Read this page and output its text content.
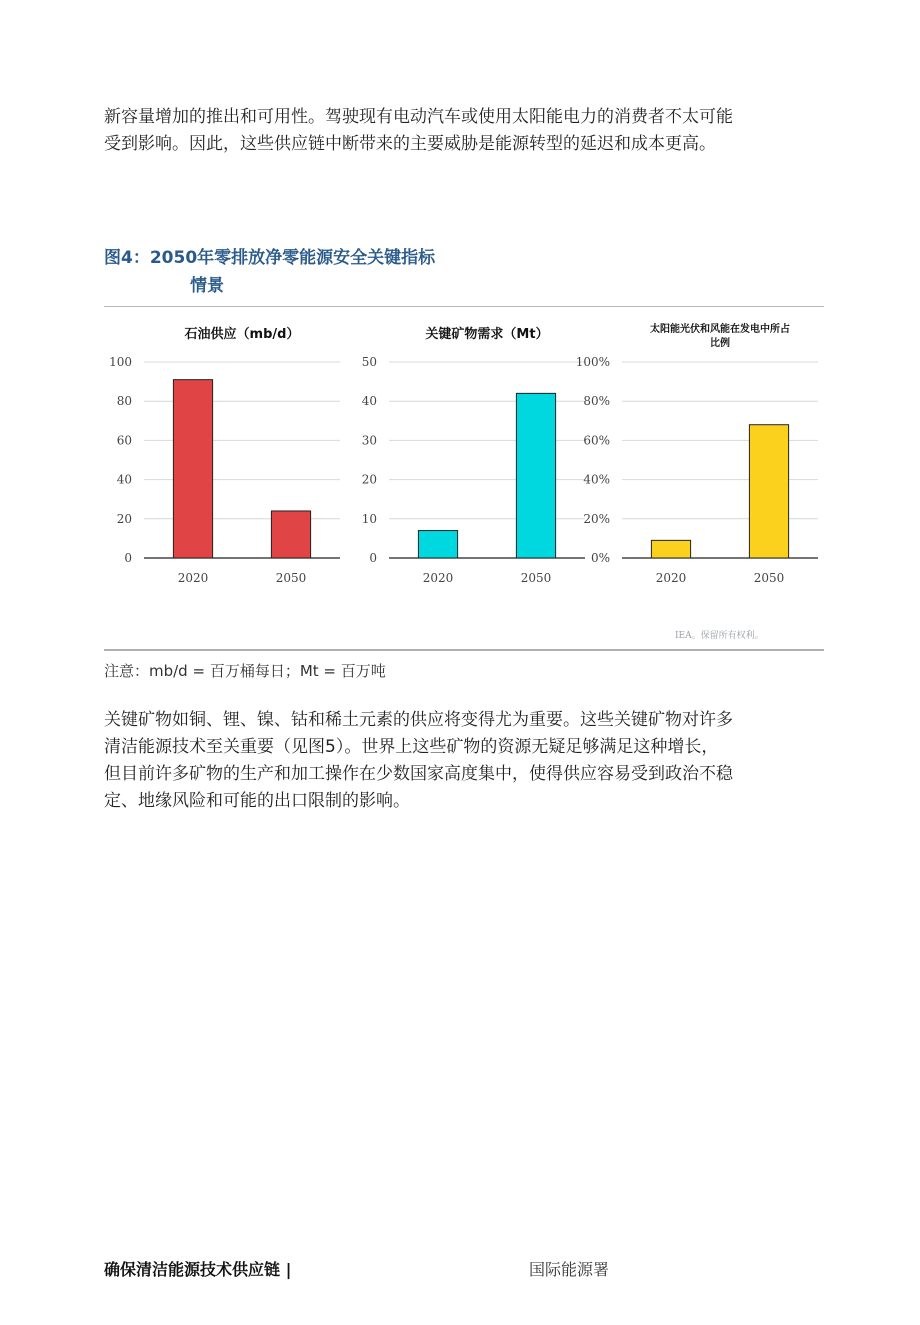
新容量增加的推出和可用性。驾驶现有电动汽车或使用太阳能电力的消费者不太可能
受到影响。因此，这些供应链中断带来的主要威胁是能源转型的延迟和成本更高。
图4：2050年零排放净零能源安全关键指标
情景
石油供应（mb/d）
0
20
40
60
80
100
2020	2050
关键矿物需求（Mt）
0
10
20
30
40
50
2020	2050
太阳能光伏和风能在发电中所占
比例
0%
20%
40%
60%
80%
100%
2020	2050
IEA。保留所有权利。
注意：mb/d = 百万桶每日；Mt = 百万吨
关键矿物如铜、锂、镍、钴和稀土元素的供应将变得尤为重要。这些关键矿物对许多
清洁能源技术至关重要（见图5）。世界上这些矿物的资源无疑足够满足这种增长，
但目前许多矿物的生产和加工操作在少数国家高度集中，使得供应容易受到政治不稳
定、地缘风险和可能的出口限制的影响。
确保清洁能源技术供应链 |	国际能源署
